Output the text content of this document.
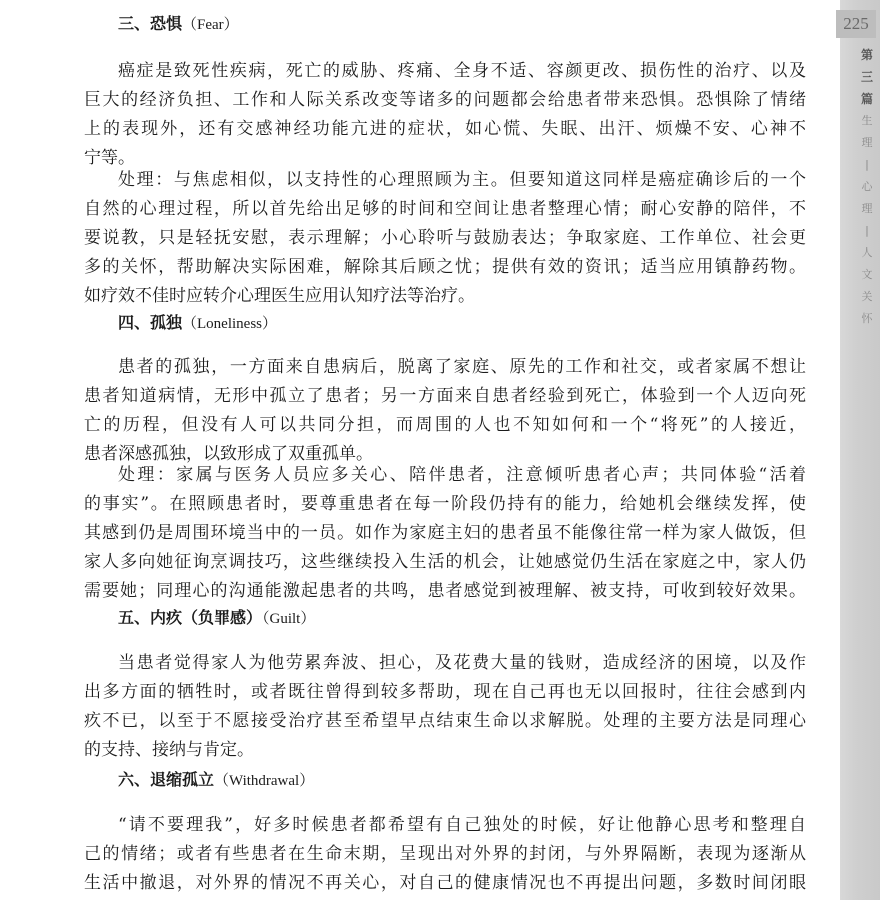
225
第
三
篇
生
理
|
心
理
|
人
文
关
怀
三、恐惧（Fear）
癌症是致死性疾病，死亡的威胁、疼痛、全身不适、容颜更改、损伤性的治疗、以及
巨大的经济负担、工作和人际关系改变等诸多的问题都会给患者带来恐惧。恐惧除了情绪
上的表现外，还有交感神经功能亢进的症状，如心慌、失眠、出汗、烦燥不安、心神不
宁等。
处理：与焦虑相似，以支持性的心理照顾为主。但要知道这同样是癌症确诊后的一个
自然的心理过程，所以首先给出足够的时间和空间让患者整理心情；耐心安静的陪伴，不
要说教，只是轻抚安慰，表示理解；小心聆听与鼓励表达；争取家庭、工作单位、社会更
多的关怀，帮助解决实际困难，解除其后顾之忧；提供有效的资讯；适当应用镇静药物。
如疗效不佳时应转介心理医生应用认知疗法等治疗。
四、孤独（Loneliness）
患者的孤独，一方面来自患病后，脱离了家庭、原先的工作和社交，或者家属不想让
患者知道病情，无形中孤立了患者；另一方面来自患者经验到死亡，体验到一个人迈向死
亡的历程，但没有人可以共同分担，而周围的人也不知如何和一个“将死”的人接近，
患者深感孤独，以致形成了双重孤单。
处理：家属与医务人员应多关心、陪伴患者，注意倾听患者心声；共同体验“活着
的事实”。在照顾患者时，要尊重患者在每一阶段仍持有的能力，给她机会继续发挥，使
其感到仍是周围环境当中的一员。如作为家庭主妇的患者虽不能像往常一样为家人做饭，但
家人多向她征询烹调技巧，这些继续投入生活的机会，让她感觉仍生活在家庭之中，家人仍
需要她；同理心的沟通能激起患者的共鸣，患者感觉到被理解、被支持，可收到较好效果。
五、内疚（负罪感）（Guilt）
当患者觉得家人为他劳累奔波、担心，及花费大量的钱财，造成经济的困境，以及作
出多方面的牺牲时，或者既往曾得到较多帮助，现在自己再也无以回报时，往往会感到内
疚不已，以至于不愿接受治疗甚至希望早点结束生命以求解脱。处理的主要方法是同理心
的支持、接纳与肯定。
六、退缩孤立（Withdrawal）
“请不要理我”，好多时候患者都希望有自己独处的时候，好让他静心思考和整理自
己的情绪；或者有些患者在生命末期，呈现出对外界的封闭，与外界隔断，表现为逐渐从
生活中撤退，对外界的情况不再关心，对自己的健康情况也不再提出问题，多数时间闭眼
